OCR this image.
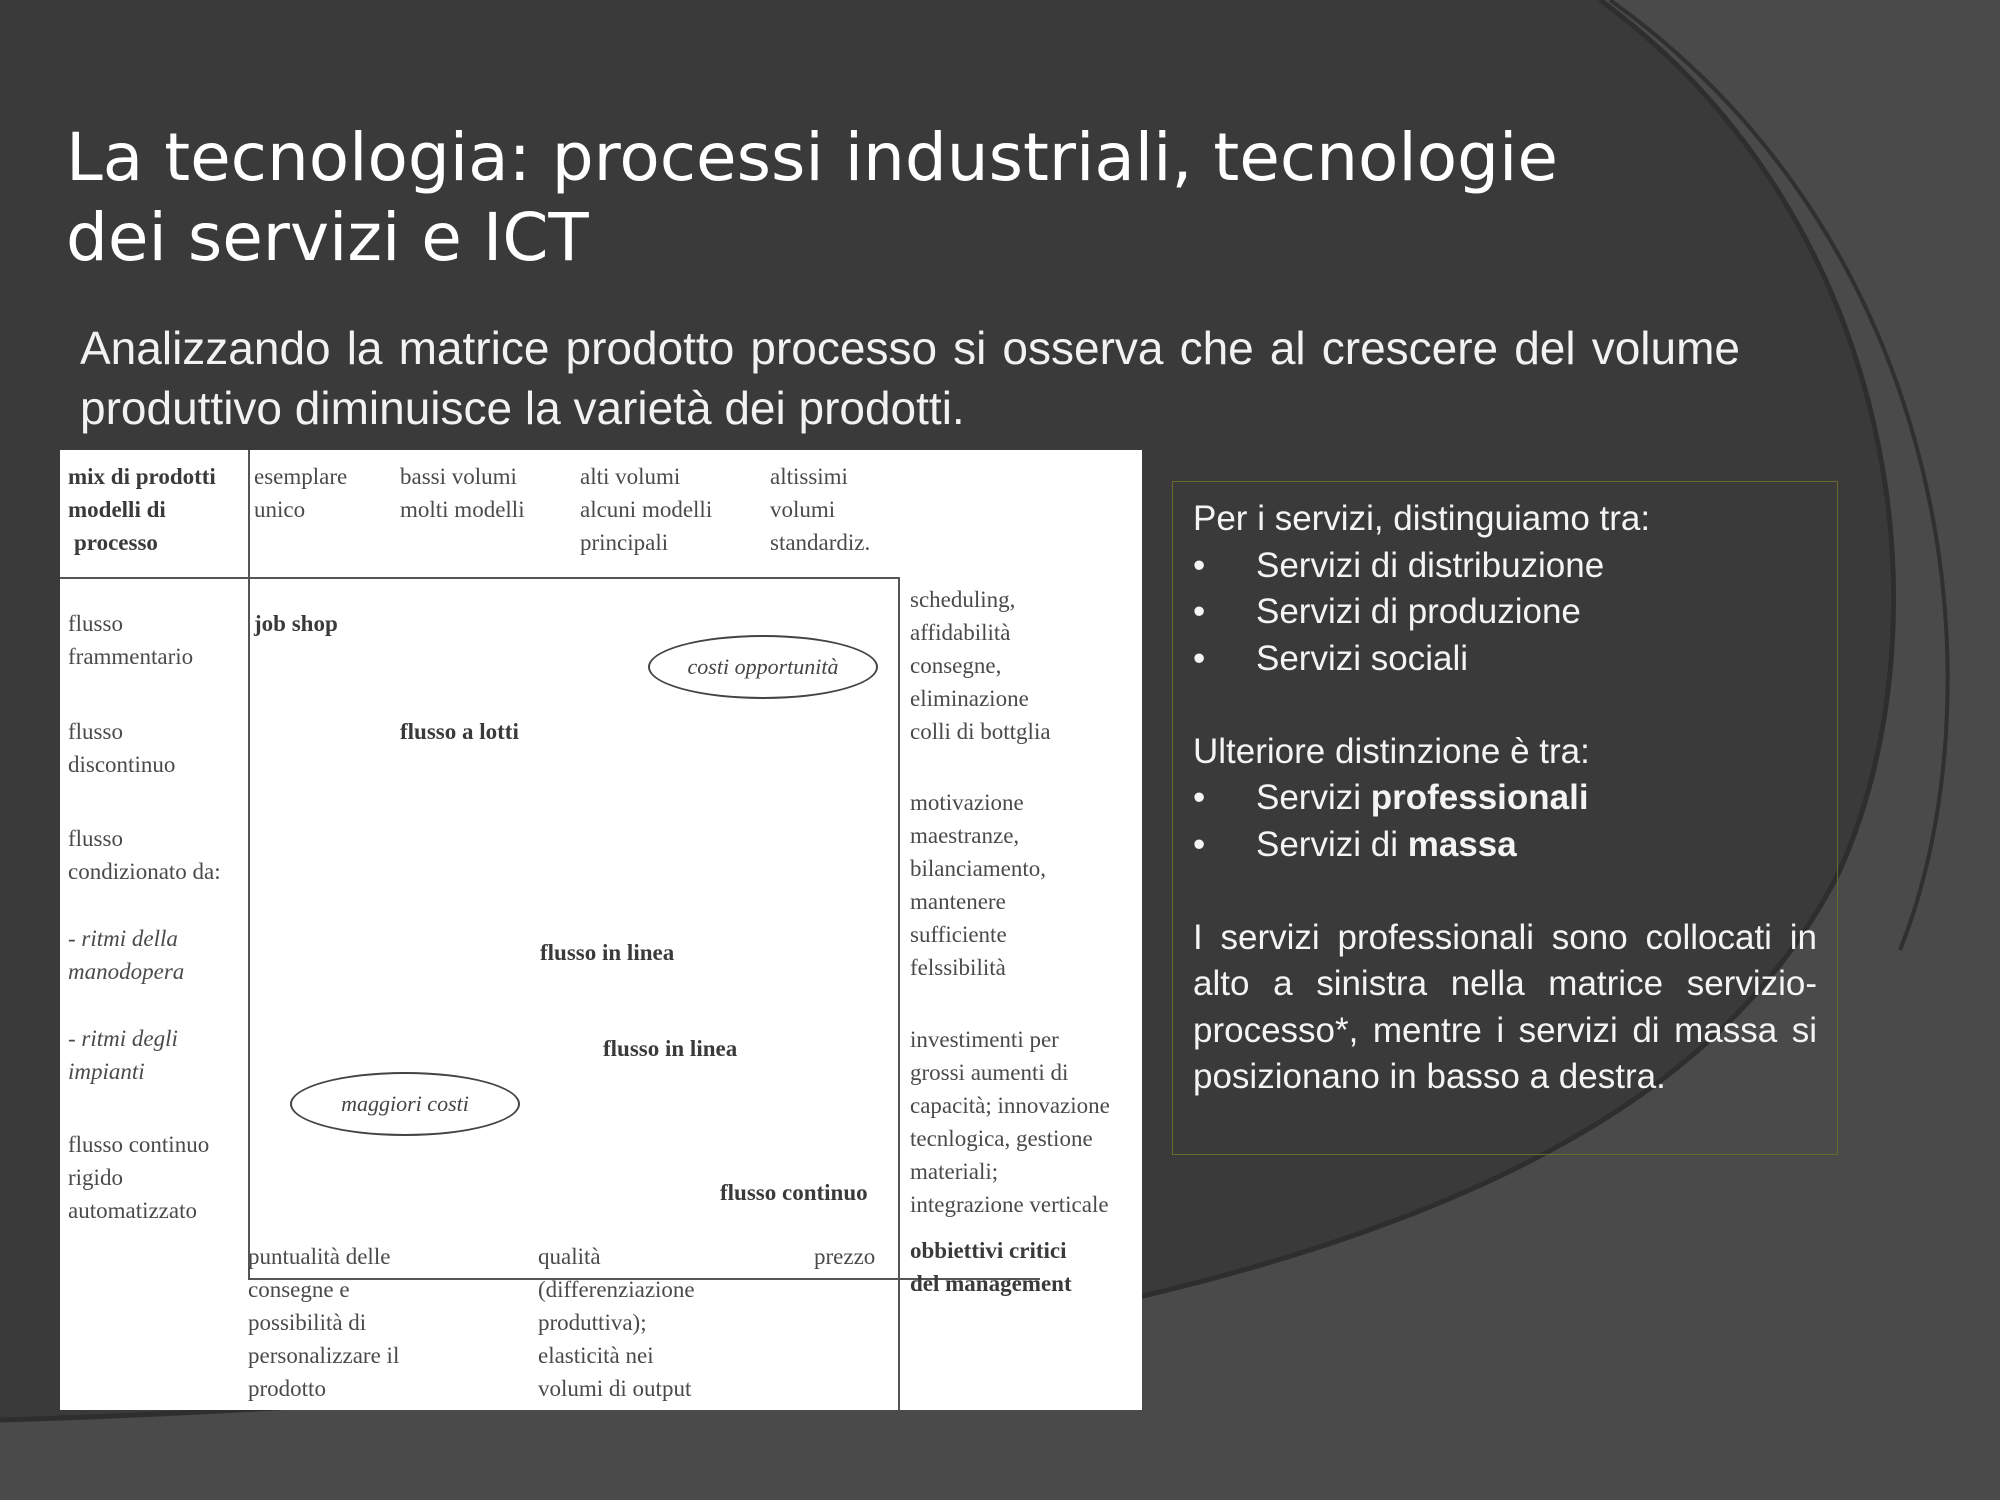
La tecnologia: processi industriali, tecnologie
dei servizi e ICT

Analizzando la matrice prodotto processo si osserva che al crescere del volume produttivo diminuisce la varietà dei prodotti.

mix di prodotti

modelli di

processo

esemplare

unico

bassi volumi

molti modelli

alti volumi

alcuni modelli

principali

altissimi

volumi

standardiz.

flusso

frammentario

flusso

discontinuo

flusso

condizionato da:

- ritmi della

manodopera

- ritmi degli

impianti

flusso continuo

rigido

automatizzato

job shop

flusso a lotti

flusso in linea

flusso in linea

flusso continuo

costi opportunità
maggiori costi

scheduling,

affidabilità

consegne,

eliminazione

colli di bottglia

motivazione

maestranze,

bilanciamento,

mantenere

sufficiente

felssibilità

investimenti per

grossi aumenti di

capacità; innovazione

tecnlogica, gestione

materiali;

integrazione verticale

puntualità delle

consegne e

possibilità di

personalizzare il

prodotto

qualità

(differenziazione

produttiva);

elasticità nei

volumi di output

prezzo obbiettivi critici

del management

Per i servizi, distinguiamo tra:

• Servizi di distribuzione
• Servizi di produzione
• Servizi sociali

Ulteriore distinzione è tra:

• Servizi professionali
• Servizi di massa

I servizi professionali sono collocati in alto a sinistra nella matrice servizio-processo*, mentre i servizi di massa si posizionano in basso a destra.
